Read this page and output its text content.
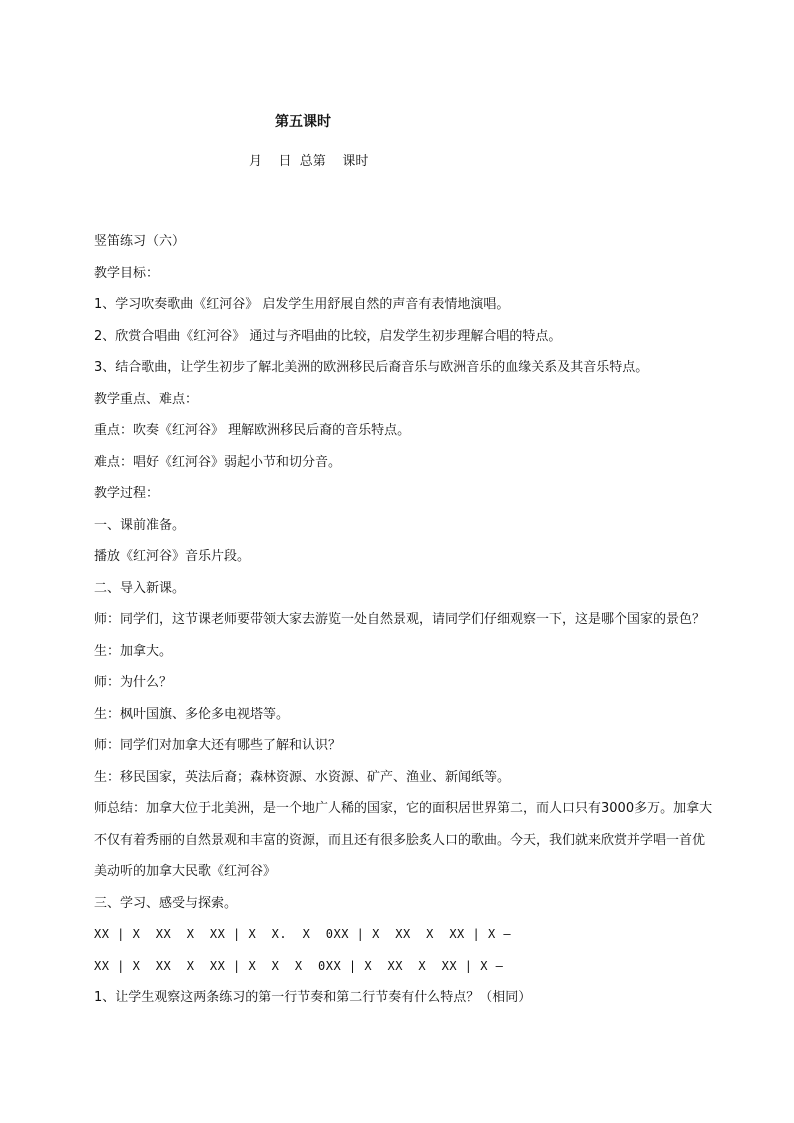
第五课时
月    日  总第    课时
竖笛练习（六）
教学目标：
1、学习吹奏歌曲《红河谷》 启发学生用舒展自然的声音有表情地演唱。
2、欣赏合唱曲《红河谷》 通过与齐唱曲的比较，启发学生初步理解合唱的特点。
3、结合歌曲，让学生初步了解北美洲的欧洲移民后裔音乐与欧洲音乐的血缘关系及其音乐特点。
教学重点、难点：
重点：吹奏《红河谷》 理解欧洲移民后裔的音乐特点。
难点：唱好《红河谷》弱起小节和切分音。
教学过程：
一、课前准备。
播放《红河谷》音乐片段。
二、导入新课。
师：同学们，这节课老师要带领大家去游览一处自然景观，请同学们仔细观察一下，这是哪个国家的景色？
生：加拿大。
师：为什么？
生：枫叶国旗、多伦多电视塔等。
师：同学们对加拿大还有哪些了解和认识？
生：移民国家，英法后裔；森林资源、水资源、矿产、渔业、新闻纸等。
师总结：加拿大位于北美洲，是一个地广人稀的国家，它的面积居世界第二，而人口只有3000多万。加拿大不仅有着秀丽的自然景观和丰富的资源，而且还有很多脍炙人口的歌曲。今天，我们就来欣赏并学唱一首优美动听的加拿大民歌《红河谷》
三、学习、感受与探索。
XX | X  XX  X  XX | X  X.  X  0XX | X  XX  X  XX | X —
XX | X  XX  X  XX | X  X  X  0XX | X  XX  X  XX | X —
1、让学生观察这两条练习的第一行节奏和第二行节奏有什么特点？（相同）
